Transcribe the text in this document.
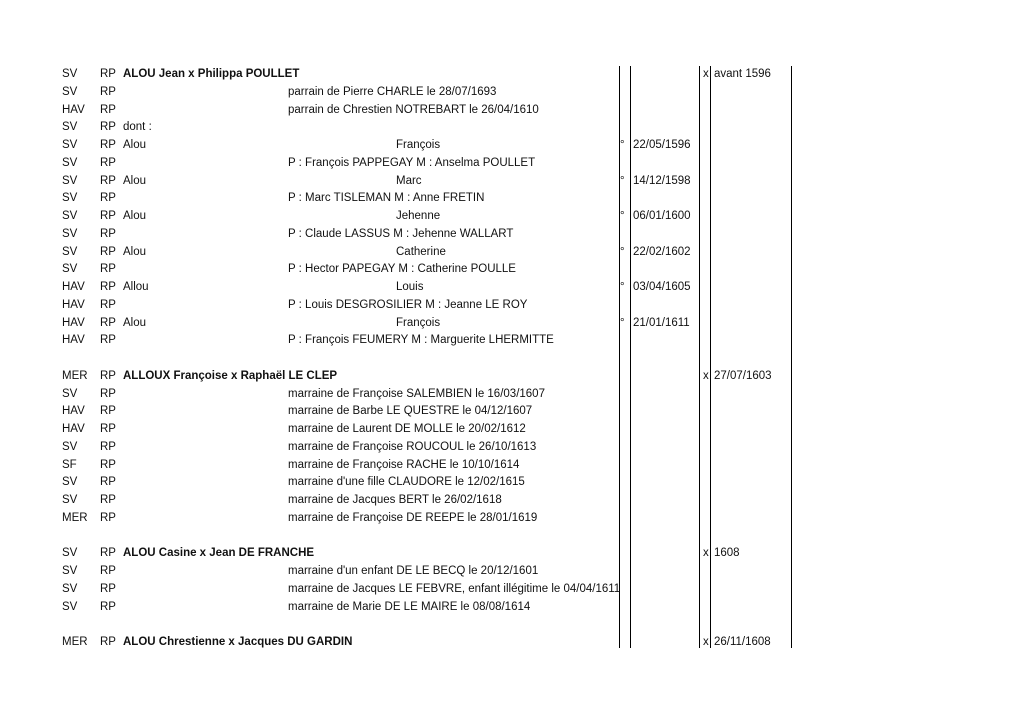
SV RP ALOU Jean x Philippa POULLET	x avant 1596
SV RP	parrain de Pierre CHARLE le 28/07/1693
HAV RP	parrain de Chrestien NOTREBART le 26/04/1610
SV RP dont :
SV RP Alou	François	° 22/05/1596
SV RP	P : François PAPPEGAY M : Anselma POULLET
SV RP Alou	Marc	° 14/12/1598
SV RP	P : Marc TISLEMAN M : Anne FRETIN
SV RP Alou	Jehenne	° 06/01/1600
SV RP	P : Claude LASSUS M : Jehenne WALLART
SV RP Alou	Catherine	° 22/02/1602
SV RP	P : Hector PAPEGAY M : Catherine POULLE
HAV RP Allou	Louis	° 03/04/1605
HAV RP	P : Louis DESGROSILIER M : Jeanne LE ROY
HAV RP Alou	François	° 21/01/1611
HAV RP	P : François FEUMERY M : Marguerite LHERMITTE
MER RP ALLOUX Françoise x Raphaël LE CLEP	x 27/07/1603
SV RP	marraine de Françoise SALEMBIEN le 16/03/1607
HAV RP	marraine de Barbe LE QUESTRE le 04/12/1607
HAV RP	marraine de Laurent DE MOLLE le 20/02/1612
SV RP	marraine de Françoise ROUCOUL le 26/10/1613
SF RP	marraine de Françoise RACHE le 10/10/1614
SV RP	marraine d'une fille CLAUDORE le 12/02/1615
SV RP	marraine de Jacques BERT le 26/02/1618
MER RP	marraine de Françoise DE REEPE le 28/01/1619
SV RP ALOU Casine x Jean DE FRANCHE	x 1608
SV RP	marraine d'un enfant DE LE BECQ le 20/12/1601
SV RP	marraine de Jacques LE FEBVRE, enfant illégitime le 04/04/1611
SV RP	marraine de Marie DE LE MAIRE le 08/08/1614
MER RP ALOU Chrestienne x Jacques DU GARDIN	x 26/11/1608
